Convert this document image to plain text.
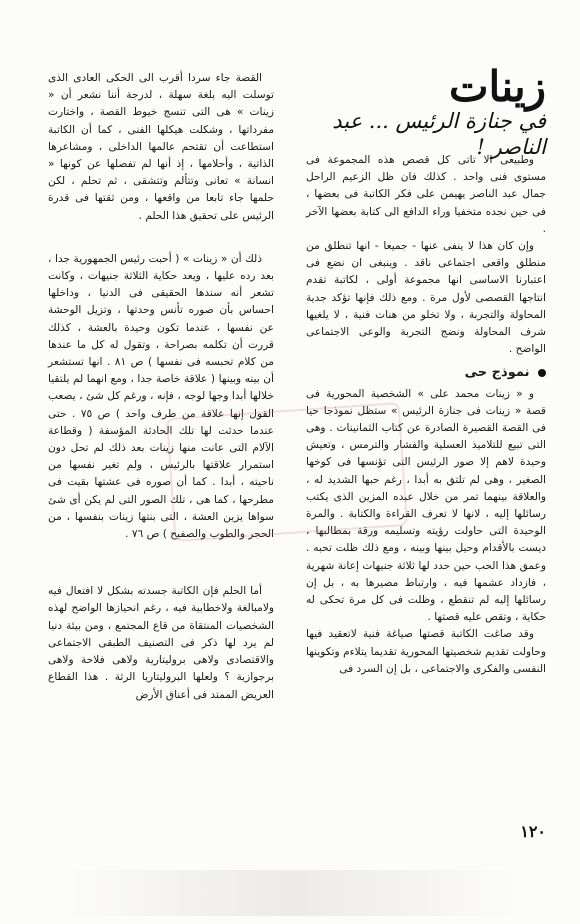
زينات
في جنازة الرئيس ... عبد الناصر !

وطبيعى الا تاتى كل قصص هذه المجموعة فى مستوى فنى واحد . كذلك فان ظل الزعيم الراحل جمال عبد الناصر يهيمن على فكر الكاتبة فى بعضها ، فى حين نجده متخفيا وراء الدافع الى كتابة بعضها الآخر .

وإن كان هذا لا ينفى عنها - جميعا - انها تنطلق من منطلق واقعى اجتماعى ناقد . وينبغى ان نضع فى اعتبارنا الاساسى انها مجموعة أولى ، لكاتبة تقدم انتاجها القصصى لأول مرة . ومع ذلك فإنها تؤكد جدية المحاولة والتجربة ، ولا تخلو من هنات فنية ، لا يلغيها شرف المحاولة ونضج التجربة والوعى الاجتماعى الواضح .

نموذج حى

و « زينات محمد على » الشخصية المحورية فى قصة « زينات فى جنازة الرئيس » ستظل نموذجا حيا فى القصة القصيرة الصادرة عن كتاب الثمانينات . وهى التى تبيع للتلاميذ العسلية والفشار والترمس ، وتعيش وحيدة لاهم إلا صور الرئيس التى تؤنسها فى كوخها الصغير ، وهى لم تلتق به أبدا ، رغم حبها الشديد له ، والعلاقة بينهما تمر من خلال عبده المزين الذى يكتب رسائلها إليه ، لانها لا تعرف القراءة والكتابة . والمرة الوحيدة التى حاولت رؤيته وتسليمه ورقة بمطالبها ، ديست بالأقدام وحيل بينها وبينه ، ومع ذلك ظلت تحبه . وعمق هذا الحب حين حدد لها ثلاثة جنيهات إعانة شهرية ، فازداد عشمها فيه ، وارتباط مصيرها به ، بل إن رسائلها إليه لم تنقطع ، وظلت فى كل مرة تحكى له حكاية ، وتقص عليه قصتها .

وقد صاغت الكاتبة قصتها صياغة فنية لاتعقيد فيها وحاولت تقديم شخصيتها المحورية تقديما يتلاءم وتكوينها النفسى والفكرى والاجتماعى ، بل إن السرد فى

القصة جاء سردا أقرب الى الحكى العادى الذى توسلت اليه بلغة سهلة ، لدرجة أننا نشعر أن « زينات » هى التى تنسج خيوط القصة ، واختارت مفرداتها ، وشكلت هيكلها الفنى ، كما أن الكاتبة استطاعت أن تقتحم عالمها الداخلى ، ومشاعرها الذاتية ، وأحلامها ، إذ أنها لم تفصلها عن كونها « انسانة » تعانى وتتألم وتتشقى ، ثم تحلم ، لكن حلمها جاء تابعا من واقعها ، ومن ثقتها فى قدرة الرئيس على تحقيق هذا الحلم .

ذلك أن « زينات » ( أحبت رئيس الجمهورية جدا ، بعد رده عليها ، ويعد حكاية الثلاثة جنيهات ، وكانت تشعر أنه سندها الحقيقى فى الدنيا ، وداخلها احساس بأن صوره تأنس وحدتها ، وتزيل الوحشة عن نفسها ، عندما تكون وحيدة بالعشة ، كذلك قررت أن تكلمه بصراحة ، وتقول له كل ما عندها من كلام تحبسه فى نفسها ) ص ٨١ . انها تستشعر أن بينه وبينها ( علاقة خاصة جدا ، ومع انهما لم يلتقيا خلالها أبدا وجها لوجه ، فإنه ، ورغم كل شئ ، يصعب القول إنها علاقة من طرف واحد ) ص ٧٥ . حتى عندما حدثت لها تلك الحادثة المؤسفة ( وقطاعة الآلام التى عانت منها زينات بعد ذلك لم تحل دون استمرار علاقتها بالرئيس ، ولم تغير نفسها من ناحيته ، أبدا . كما أن صوره فى عشتها بقيت فى مطرحها ، كما هى ، تلك الصور التى لم يكن أى شئ سواها يزين العشة ، التى بنتها زينات بنفسها ، من الحجر والطوب والصفيح ) ص ٧٦ .

أما الحلم فإن الكاتبة جسدته بشكل لا افتعال فيه ولامبالغة ولاخطابية فيه ، رغم انحيازها الواضح لهذه الشخصيات المنتقاة من قاع المجتمع ، ومن بيئة دنيا لم يرد لها ذكر فى التصنيف الطبقى الاجتماعى والاقتصادى ولاهى بروليتارية ولاهى فلاحة ولاهى برجوازية ؟ ولعلها البروليتاريا الرثة . هذا القطاع العريض الممتد فى أعناق الأرض

١٢٠
